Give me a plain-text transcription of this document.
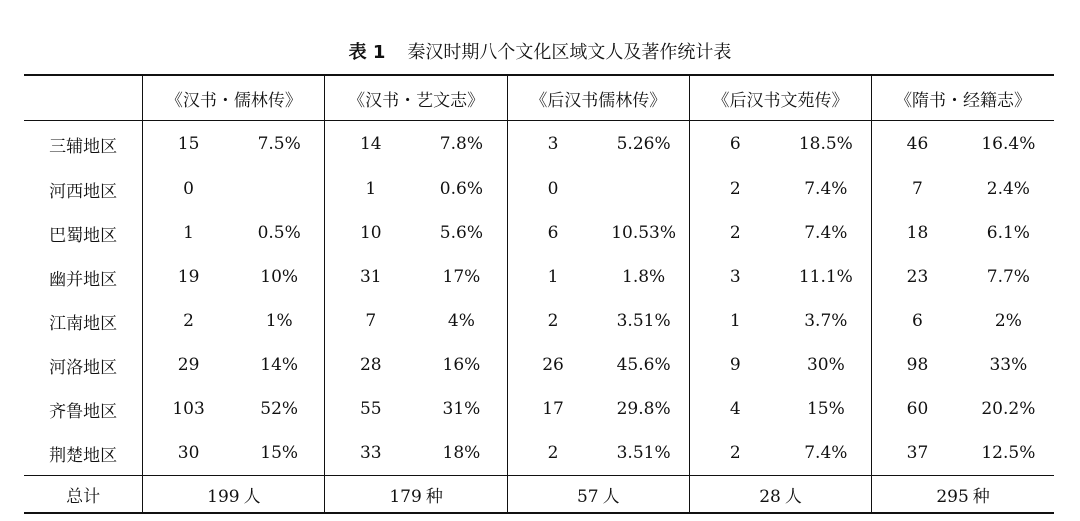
表 1 秦汉时期八个文化区域文人及著作统计表
	《汉书・儒林传》		《汉书・艺文志》		《后汉书儒林传》		《后汉书文苑传》		《隋书・经籍志》	
三辅地区	15	7.5%	14	7.8%	3	5.26%	6	18.5%	46	16.4%
河西地区	0		1	0.6%	0		2	7.4%	7	2.4%
巴蜀地区	1	0.5%	10	5.6%	6	10.53%	2	7.4%	18	6.1%
幽并地区	19	10%	31	17%	1	1.8%	3	11.1%	23	7.7%
江南地区	2	1%	7	4%	2	3.51%	1	3.7%	6	2%
河洛地区	29	14%	28	16%	26	45.6%	9	30%	98	33%
齐鲁地区	103	52%	55	31%	17	29.8%	4	15%	60	20.2%
荆楚地区	30	15%	33	18%	2	3.51%	2	7.4%	37	12.5%
总计	199 人		179 种		57 人		28 人		295 种	
